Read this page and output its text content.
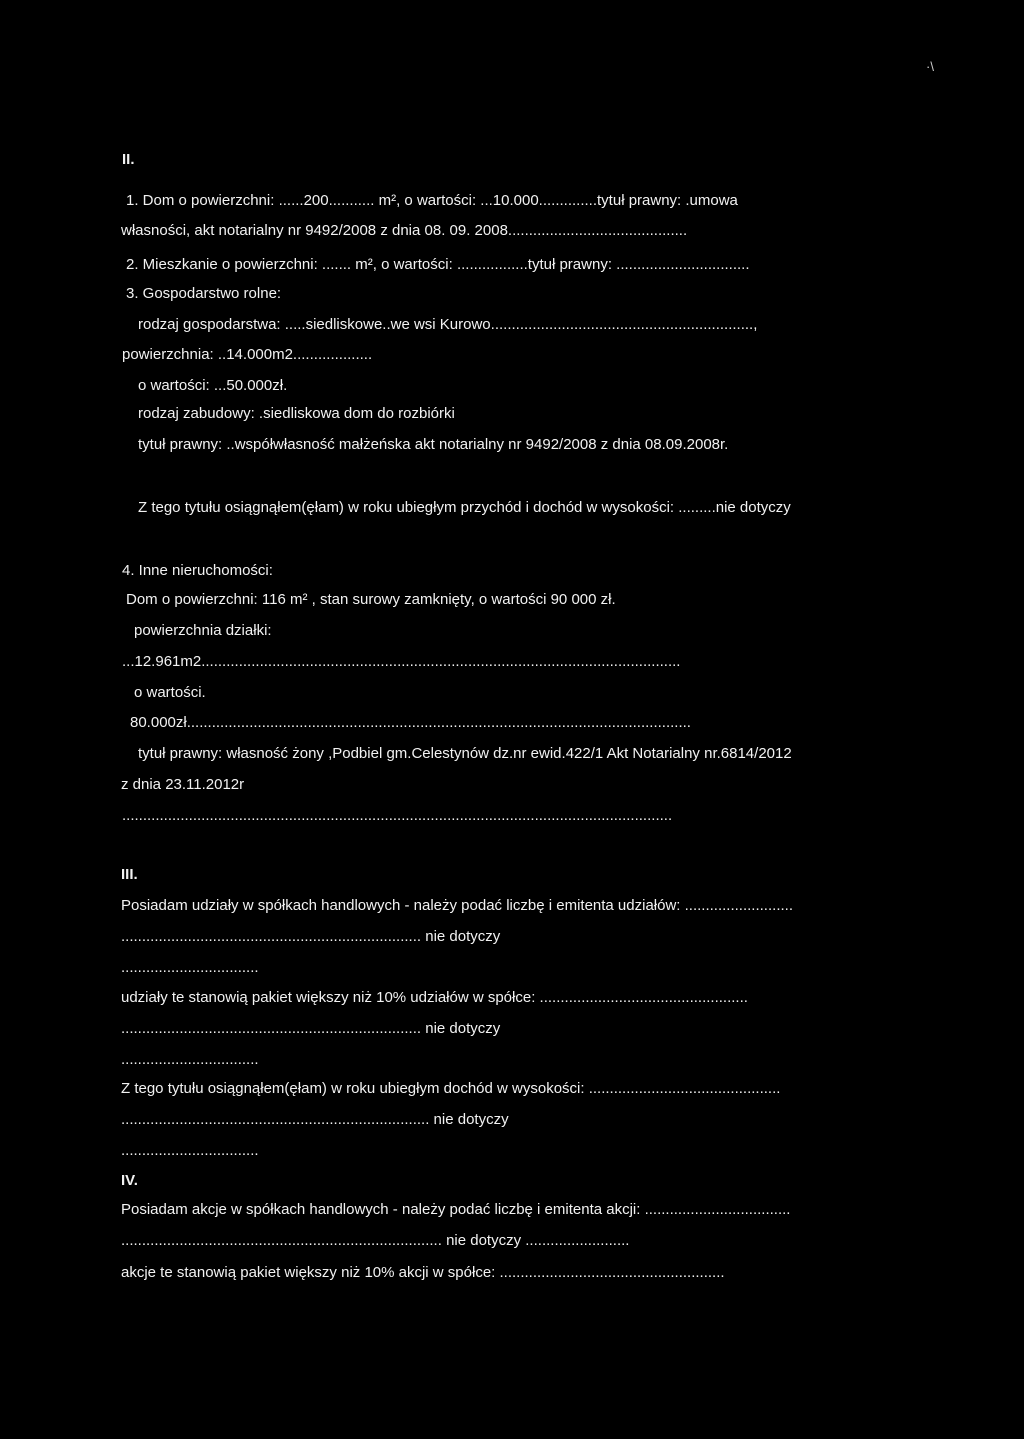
·\
II.
1. Dom o powierzchni: ......200........... m², o wartości: ...10.000..............tytuł prawny: .umowa
własności, akt notarialny nr 9492/2008 z dnia 08. 09. 2008...........................................
2. Mieszkanie o powierzchni: ....... m², o wartości: .................tytuł prawny: ................................
3. Gospodarstwo rolne:
rodzaj gospodarstwa: .....siedliskowe..we wsi Kurowo...............................................................,
powierzchnia: ..14.000m2...................
o wartości: ...50.000zł.
rodzaj zabudowy: .siedliskowa dom do rozbiórki
tytuł prawny: ..współwłasność małżeńska akt notarialny nr 9492/2008 z dnia 08.09.2008r.
Z tego tytułu osiągnąłem(ęłam) w roku ubiegłym przychód i dochód w wysokości: .........nie dotyczy
4. Inne nieruchomości:
Dom o powierzchni: 116 m² , stan surowy zamknięty, o wartości 90 000 zł.
powierzchnia działki:
...12.961m2...................................................................................................................
o wartości.
80.000zł.........................................................................................................................
tytuł prawny: własność żony ,Podbiel gm.Celestynów dz.nr ewid.422/1 Akt Notarialny nr.6814/2012
z dnia 23.11.2012r
....................................................................................................................................
III.
Posiadam udziały w spółkach handlowych - należy podać liczbę i emitenta udziałów: ..........................
........................................................................ nie dotyczy
.................................
udziały te stanowią pakiet większy niż 10% udziałów w spółce: ..................................................
........................................................................ nie dotyczy
.................................
Z tego tytułu osiągnąłem(ęłam) w roku ubiegłym dochód w wysokości: ..............................................
.......................................................................... nie dotyczy
.................................
IV.
Posiadam akcje w spółkach handlowych - należy podać liczbę i emitenta akcji: ...................................
............................................................................. nie dotyczy .........................
akcje te stanowią pakiet większy niż 10% akcji w spółce: ......................................................
